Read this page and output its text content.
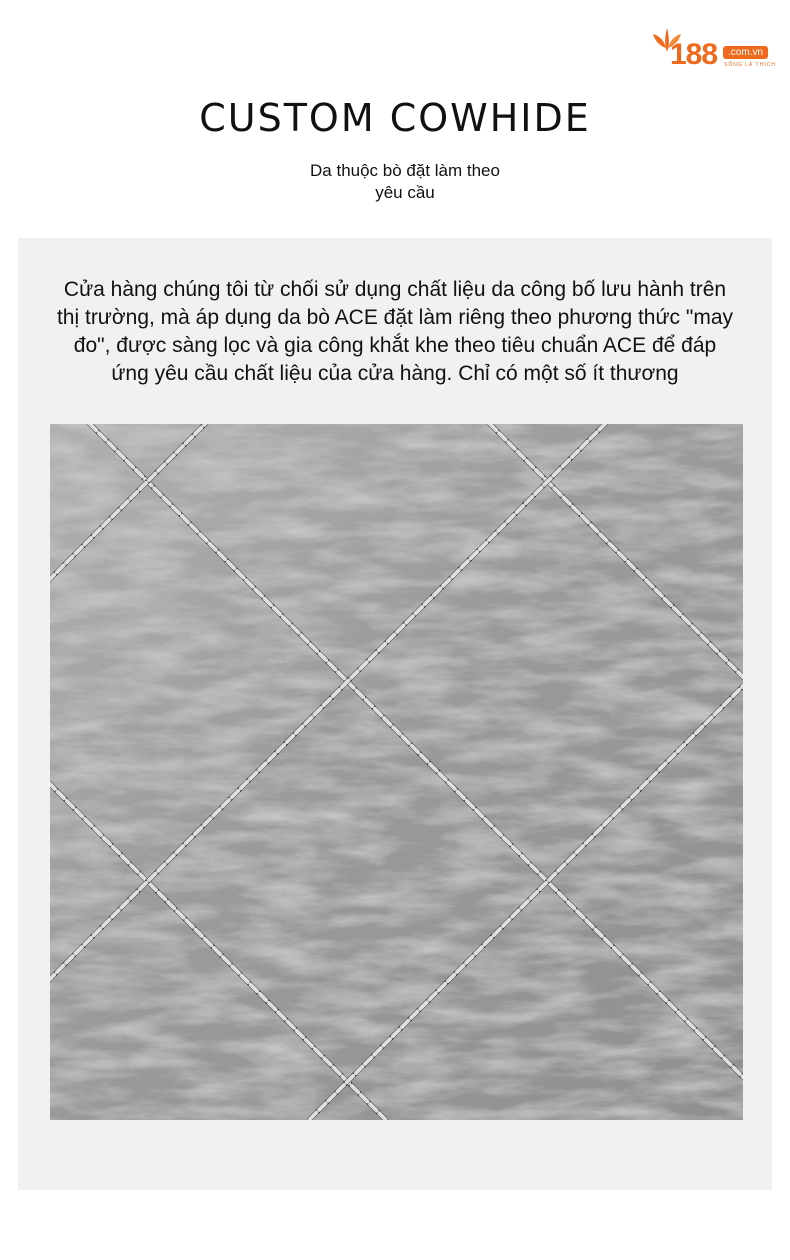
188	.com.vn
SỐNG LÀ THÍCH
CUSTOM COWHIDE
Da thuộc bò đặt làm theo
yêu cầu
Cửa hàng chúng tôi từ chối sử dụng chất liệu da công bố lưu hành trên
thị trường, mà áp dụng da bò ACE đặt làm riêng theo phương thức "may
đo", được sàng lọc và gia công khắt khe theo tiêu chuẩn ACE để đáp
ứng yêu cầu chất liệu của cửa hàng. Chỉ có một số ít thương
